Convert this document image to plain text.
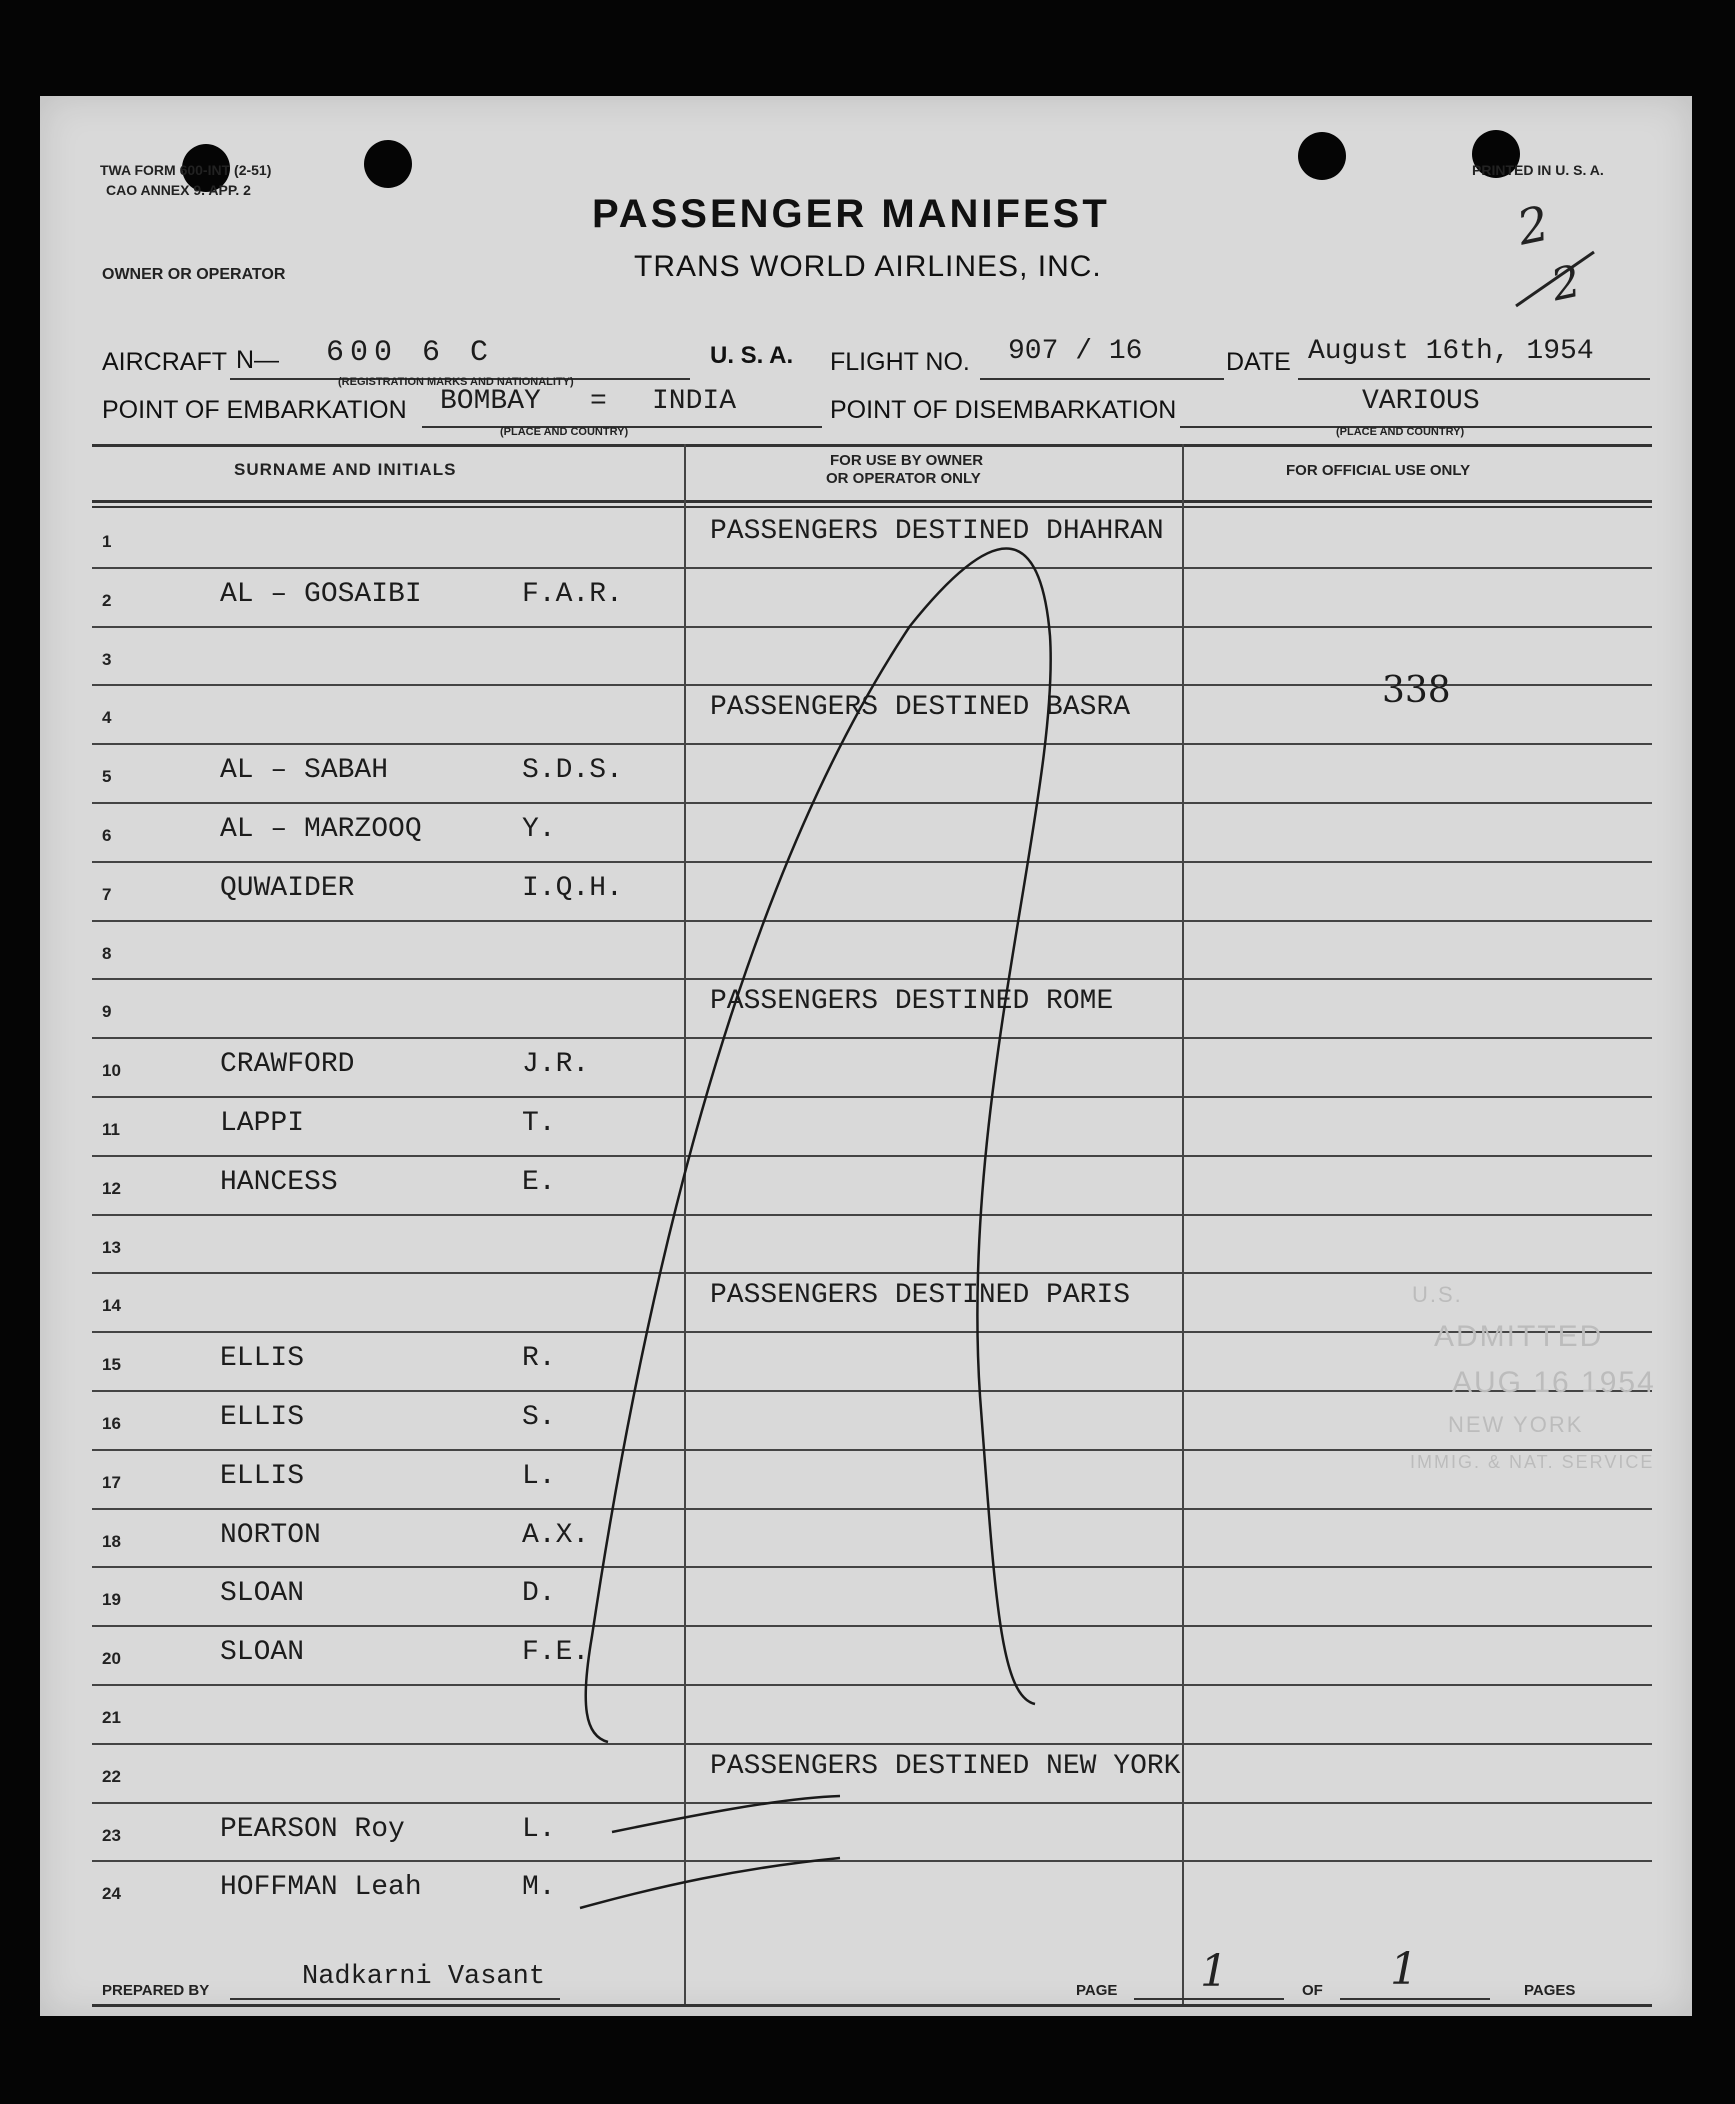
TWA FORM 600-INT (2-51)
CAO ANNEX 9. APP. 2
PRINTED IN U. S. A.
OWNER OR OPERATOR
PASSENGER MANIFEST
TRANS WORLD AIRLINES, INC.
2
2
AIRCRAFT N— 600 6 C
(REGISTRATION MARKS AND NATIONALITY)
U. S. A. FLIGHT NO. 907 / 16	DATE August 16th, 1954
POINT OF EMBARKATION BOMBAY = INDIA
(PLACE AND COUNTRY)
POINT OF DISEMBARKATION	VARIOUS
(PLACE AND COUNTRY)
SURNAME AND INITIALS	FOR USE BY OWNER
OR OPERATOR ONLY	FOR OFFICIAL USE ONLY
1	PASSENGERS DESTINED DHAHRAN
2	AL – GOSAIBI	F.A.R.
3
4	PASSENGERS DESTINED BASRA
5	AL – SABAH	S.D.S.
6	AL – MARZOOQ	Y.
7	QUWAIDER	I.Q.H.
8
9	PASSENGERS DESTINED ROME
10	CRAWFORD	J.R.
11	LAPPI	T.
12	HANCESS	E.
13
14	PASSENGERS DESTINED PARIS
15	ELLIS	R.
16	ELLIS	S.
17	ELLIS	L.
18	NORTON	A.X.
19	SLOAN	D.
20	SLOAN	F.E.
21
22	PASSENGERS DESTINED NEW YORK
23	PEARSON Roy	L.
24	HOFFMAN Leah	M.
338
U.S.
ADMITTED
AUG 16 1954
NEW YORK
IMMIG. & NAT. SERVICE
PREPARED BY	Nadkarni Vasant	PAGE 1	OF 1	PAGES
